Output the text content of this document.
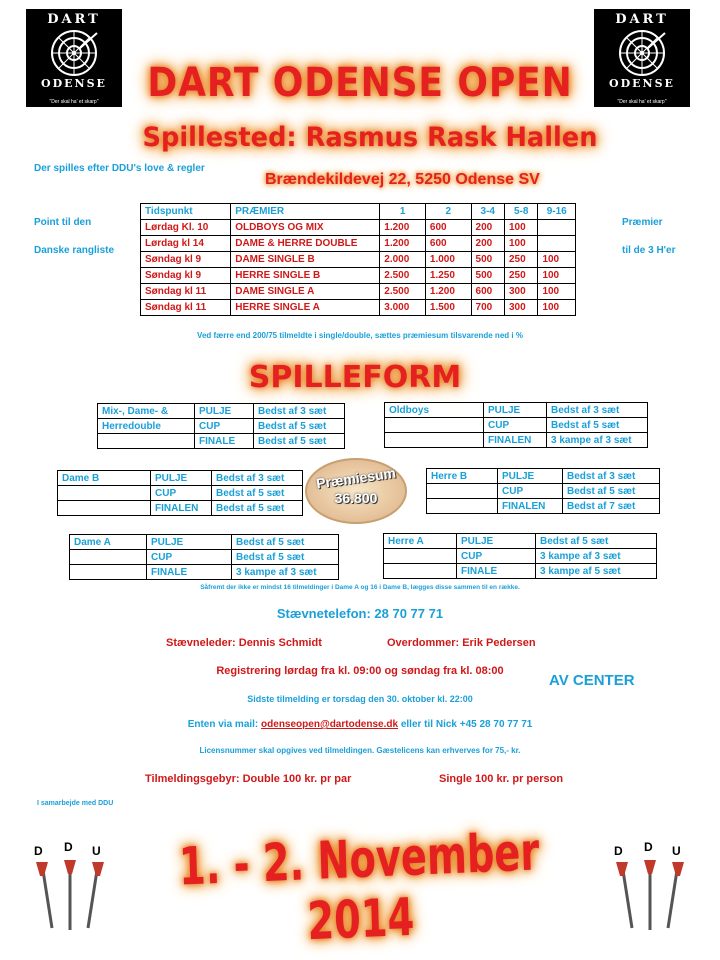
DART
ODENSE
"Der skal ha' et skarp"
DART
ODENSE
"Der skal ha' et skarp"
DART ODENSE OPEN
Spillested: Rasmus Rask Hallen
Der spilles efter DDU's love & regler
Brændekildevej 22, 5250 Odense SV
Point til den
Danske rangliste
Præmier
til de 3 H'er
Tidspunkt	PRÆMIER	1	2	3-4	5-8	9-16
Lørdag Kl. 10	OLDBOYS OG MIX	1.200	600	200	100	
Lørdag kl 14	DAME & HERRE DOUBLE	1.200	600	200	100	
Søndag kl 9	DAME SINGLE B	2.000	1.000	500	250	100
Søndag kl 9	HERRE SINGLE B	2.500	1.250	500	250	100
Søndag kl 11	DAME SINGLE A	2.500	1.200	600	300	100
Søndag kl 11	HERRE SINGLE A	3.000	1.500	700	300	100
Ved færre end 200/75 tilmeldte i single/double, sættes præmiesum tilsvarende ned i %
SPILLEFORM
Mix-, Dame- &	PULJE	Bedst af 3 sæt
Herredouble	CUP	Bedst af 5 sæt
	FINALE	Bedst af 5 sæt
Oldboys	PULJE	Bedst af 3 sæt
	CUP	Bedst af 5 sæt
	FINALEN	3 kampe af 3 sæt
Dame B	PULJE	Bedst af 3 sæt
	CUP	Bedst af 5 sæt
	FINALEN	Bedst af 5 sæt
Præmiesum
36.800
Herre B	PULJE	Bedst af 3 sæt
	CUP	Bedst af 5 sæt
	FINALEN	Bedst af 7 sæt
Dame A	PULJE	Bedst af 5 sæt
	CUP	Bedst af 5 sæt
	FINALE	3 kampe af 3 sæt
Herre A	PULJE	Bedst af 5 sæt
	CUP	3 kampe af 3 sæt
	FINALE	3 kampe af 5 sæt
Såfremt der ikke er mindst 16 tilmeldinger i Dame A og 16 i Dame B, lægges disse sammen til en række.
Stævnetelefon: 28 70 77 71
Stævneleder: Dennis Schmidt	Overdommer: Erik Pedersen
Registrering lørdag fra kl. 09:00 og søndag fra kl. 08:00
AV CENTER
Sidste tilmelding er torsdag den 30. oktober kl. 22:00
Enten via mail: odenseopen@dartodense.dk eller til Nick +45 28 70 77 71
Licensnummer skal opgives ved tilmeldingen. Gæstelicens kan erhverves for 75,- kr.
Tilmeldingsgebyr: Double 100 kr. pr par	Single 100 kr. pr person
I samarbejde med DDU
D D U	D D U
1. - 2. November 2014
